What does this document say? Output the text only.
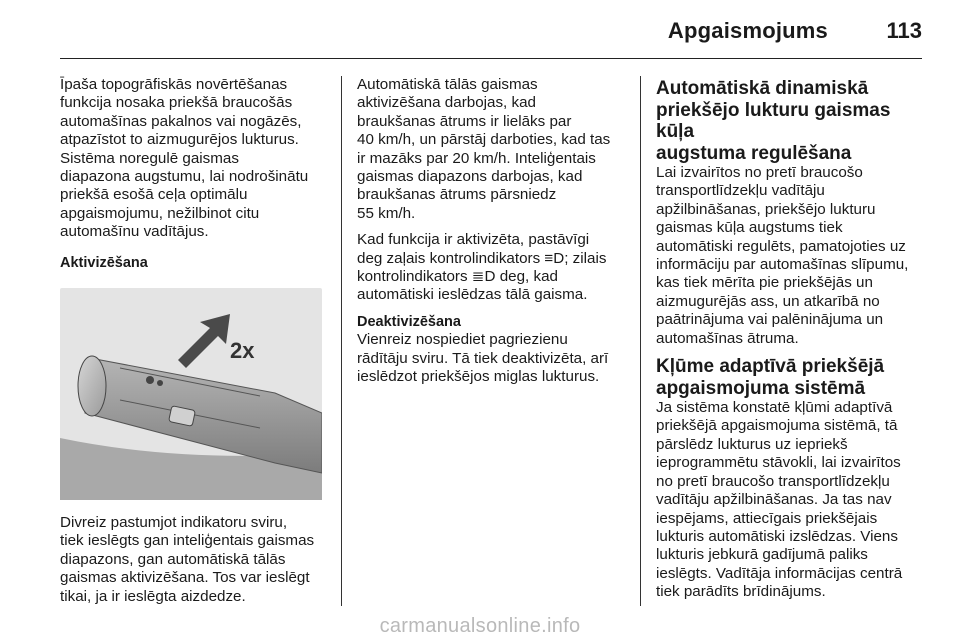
Apgaismojums	113

Īpaša topogrāfiskās novērtēšanas
funkcija nosaka priekšā braucošās
automašīnas pakalnos vai nogāzēs,
atpazīstot to aizmugurējos lukturus.
Sistēma noregulē gaismas
diapazona augstumu, lai nodrošinātu
priekšā esošā ceļa optimālu
apgaismojumu, nežilbinot citu
automašīnu vadītājus.

Aktivizēšana
2x

Divreiz pastumjot indikatoru sviru,
tiek ieslēgts gan inteliģentais gaismas
diapazons, gan automātiskā tālās
gaismas aktivizēšana. Tos var ieslēgt
tikai, ja ir ieslēgta aizdedze.

Automātiskā tālās gaismas
aktivizēšana darbojas, kad
braukšanas ātrums ir lielāks par
40 km/h, un pārstāj darboties, kad tas
ir mazāks par 20 km/h. Inteliģentais
gaismas diapazons darbojas, kad
braukšanas ātrums pārsniedz
55 km/h.

Kad funkcija ir aktivizēta, pastāvīgi
deg zaļais kontrolindikators ≡D; zilais
kontrolindikators ≣D deg, kad
automātiski ieslēdzas tālā gaisma.

Deaktivizēšana

Vienreiz nospiediet pagriezienu
rādītāju sviru. Tā tiek deaktivizēta, arī
ieslēdzot priekšējos miglas lukturus.

Automātiskā dinamiskā
priekšējo lukturu gaismas kūļa
augstuma regulēšana

Lai izvairītos no pretī braucošo
transportlīdzekļu vadītāju
apžilbināšanas, priekšējo lukturu
gaismas kūļa augstums tiek
automātiski regulēts, pamatojoties uz
informāciju par automašīnas slīpumu,
kas tiek mērīta pie priekšējās un
aizmugurējās ass, un atkarībā no
paātrinājuma vai palēninājuma un
automašīnas ātruma.

Kļūme adaptīvā priekšējā
apgaismojuma sistēmā

Ja sistēma konstatē kļūmi adaptīvā
priekšējā apgaismojuma sistēmā, tā
pārslēdz lukturus uz iepriekš
ieprogrammētu stāvokli, lai izvairītos
no pretī braucošo transportlīdzekļu
vadītāju apžilbināšanas. Ja tas nav
iespējams, attiecīgais priekšējais
lukturis automātiski izslēdzas. Viens
lukturis jebkurā gadījumā paliks
ieslēgts. Vadītāja informācijas centrā
tiek parādīts brīdinājums.

carmanualsonline.info
